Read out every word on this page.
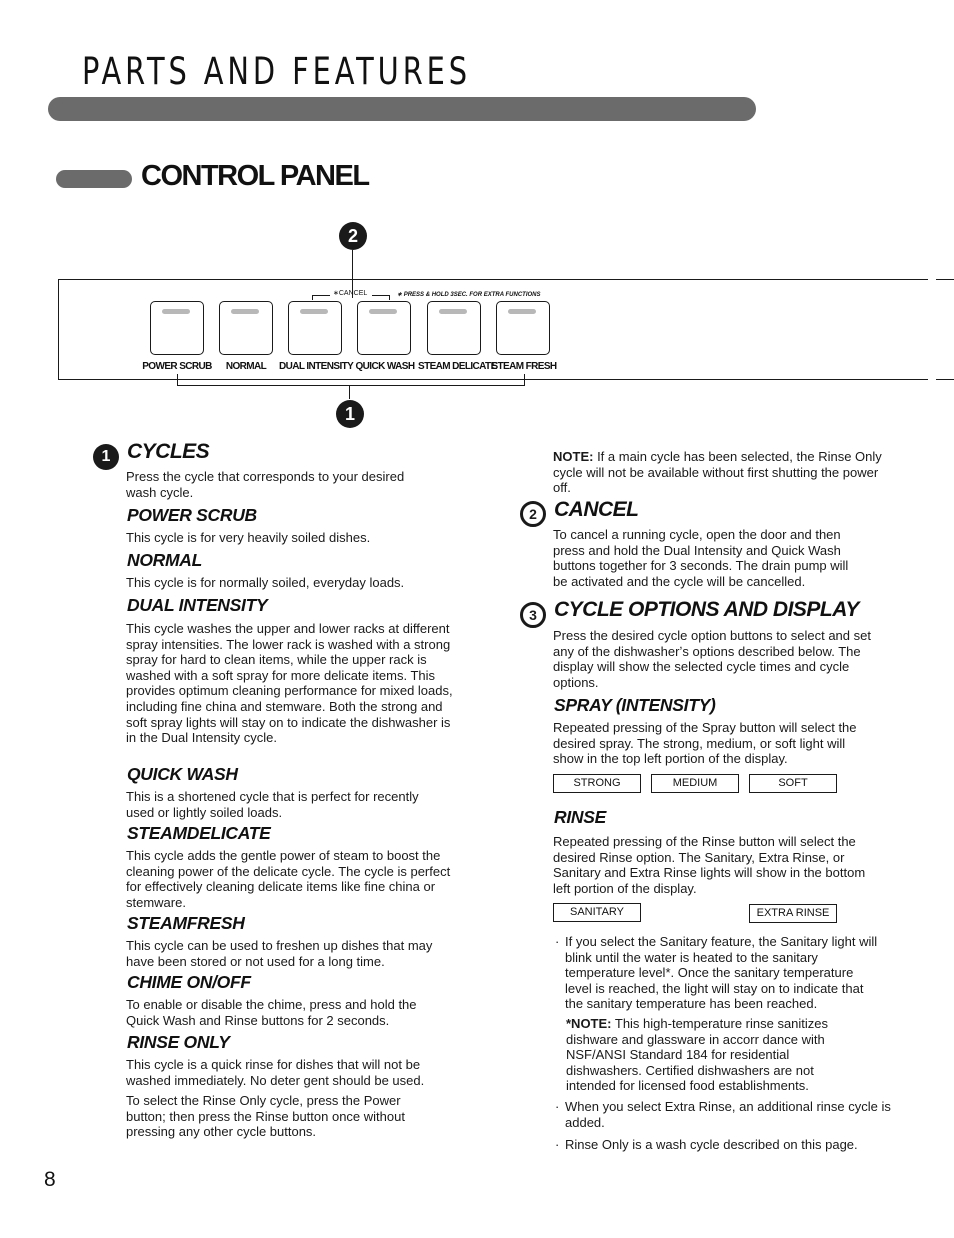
PARTS AND FEATURES
CONTROL PANEL
2
∗CANCEL	∗ PRESS & HOLD 3SEC. FOR EXTRA FUNCTIONS
POWER SCRUB	NORMAL	DUAL INTENSITY QUICK WASH STEAM DELICATE
STEAM FRESH
1
1 CYCLES
Press the cycle that corresponds to your desired wash cycle.
POWER SCRUB
This cycle is for very heavily soiled dishes.
NORMAL
This cycle is for normally soiled, everyday loads.
DUAL INTENSITY
This cycle washes the upper and lower racks at different spray intensities. The lower rack is washed with a strong spray for hard to clean items, while the upper rack is washed with a soft spray for more delicate items. This provides optimum cleaning performance for mixed loads, including fine china and stemware. Both the strong and soft spray lights will stay on to indicate the dishwasher is in the Dual Intensity cycle.
QUICK WASH
This is a shortened cycle that is perfect for recently used or lightly soiled loads.
STEAMDELICATE
This cycle adds the gentle power of steam to boost the cleaning power of the delicate cycle. The cycle is perfect for effectively cleaning delicate items like fine china or stemware.
STEAMFRESH
This cycle can be used to freshen up dishes that may have been stored or not used for a long time.
CHIME ON/OFF
To enable or disable the chime, press and hold the Quick Wash and Rinse buttons for 2 seconds.
RINSE ONLY
This cycle is a quick rinse for dishes that will not be washed immediately. No deter gent should be used.
To select the Rinse Only cycle, press the Power button; then press the Rinse button once without pressing any other cycle buttons.
NOTE: If a main cycle has been selected, the Rinse Only cycle will not be available without first shutting the power off.
2 CANCEL
To cancel a running cycle, open the door and then press and hold the Dual Intensity and Quick Wash buttons together for 3 seconds. The drain pump will be activated and the cycle will be cancelled.
3 CYCLE OPTIONS AND DISPLAY
Press the desired cycle option buttons to select and set any of the dishwasherʼs options described below. The display will show the selected cycle times and cycle options.
SPRAY (INTENSITY)
Repeated pressing of the Spray button will select the desired spray. The strong, medium, or soft light will show in the top left portion of the display.
STRONG	MEDIUM	SOFT
RINSE
Repeated pressing of the Rinse button will select the desired Rinse option. The Sanitary, Extra Rinse, or Sanitary and Extra Rinse lights will show in the bottom left portion of the display.
SANITARY	EXTRA RINSE
· If you select the Sanitary feature, the Sanitary light will blink until the water is heated to the sanitary temperature level*. Once the sanitary temperature level is reached, the light will stay on to indicate that the sanitary temperature has been reached.
*NOTE: This high-temperature rinse sanitizes dishware and glassware in accorr dance with NSF/ANSI Standard 184 for residential dishwashers. Certified dishwashers are not intended for licensed food establishments.
· When you select Extra Rinse, an additional rinse cycle is added.
· Rinse Only is a wash cycle described on this page.
8
